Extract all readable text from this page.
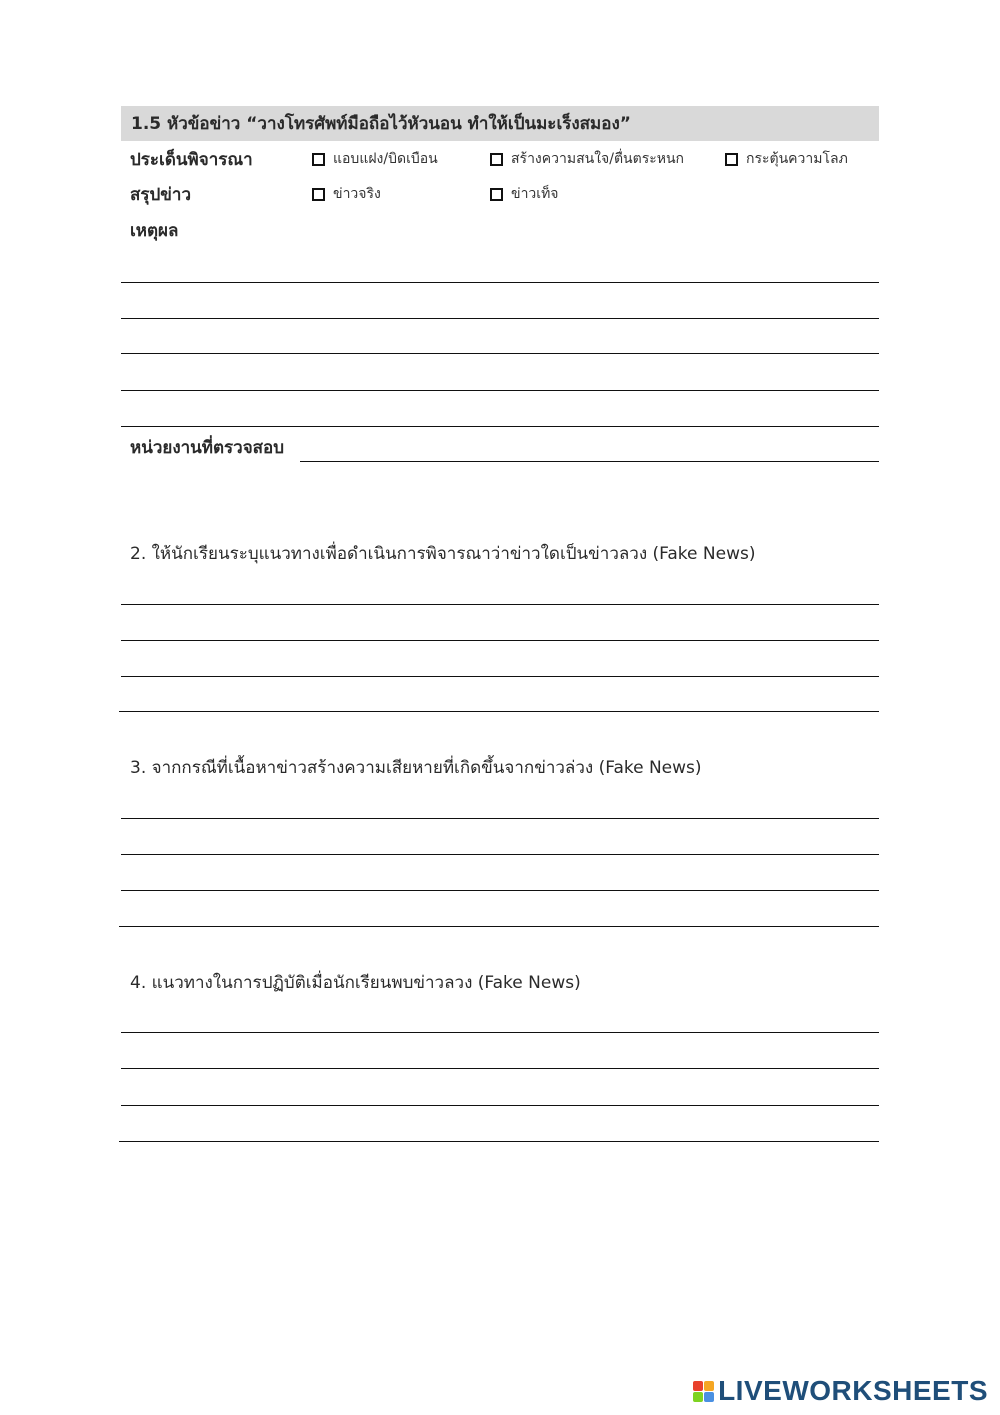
1.5 หัวข้อข่าว “วางโทรศัพท์มือถือไว้หัวนอน ทำให้เป็นมะเร็งสมอง”
ประเด็นพิจารณา	แอบแฝง/บิดเบือน	สร้างความสนใจ/ตื่นตระหนก	กระตุ้นความโลภ
สรุปข่าว	ข่าวจริง	ข่าวเท็จ
เหตุผล
หน่วยงานที่ตรวจสอบ
2. ให้นักเรียนระบุแนวทางเพื่อดำเนินการพิจารณาว่าข่าวใดเป็นข่าวลวง (Fake News)
3. จากกรณีที่เนื้อหาข่าวสร้างความเสียหายที่เกิดขึ้นจากข่าวล่วง (Fake News)
4. แนวทางในการปฏิบัติเมื่อนักเรียนพบข่าวลวง (Fake News)
LIVEWORKSHEETS
